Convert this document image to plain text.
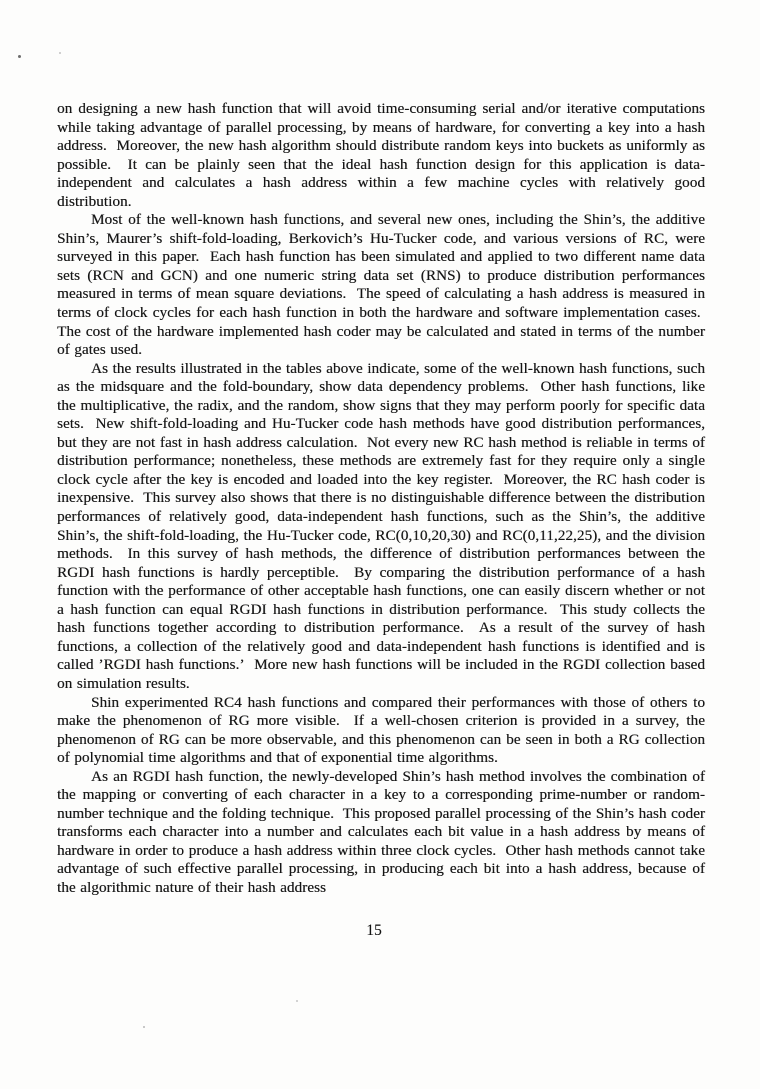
on designing a new hash function that will avoid time-consuming serial and/or iterative computations while taking advantage of parallel processing, by means of hardware, for converting a key into a hash address.  Moreover, the new hash algorithm should distribute random keys into buckets as uniformly as possible.  It can be plainly seen that the ideal hash function design for this application is data-independent and calculates a hash address within a few machine cycles with relatively good distribution.

Most of the well-known hash functions, and several new ones, including the Shin’s, the additive Shin’s, Maurer’s shift-fold-loading, Berkovich’s Hu-Tucker code, and various versions of RC, were surveyed in this paper.  Each hash function has been simulated and applied to two different name data sets (RCN and GCN) and one numeric string data set (RNS) to produce distribution performances measured in terms of mean square deviations.  The speed of calculating a hash address is measured in terms of clock cycles for each hash function in both the hardware and software implementation cases.  The cost of the hardware implemented hash coder may be calculated and stated in terms of the number of gates used.

As the results illustrated in the tables above indicate, some of the well-known hash functions, such as the midsquare and the fold-boundary, show data dependency problems.  Other hash functions, like the multiplicative, the radix, and the random, show signs that they may perform poorly for specific data sets.  New shift-fold-loading and Hu-Tucker code hash methods have good distribution performances, but they are not fast in hash address calculation.  Not every new RC hash method is reliable in terms of distribution performance; nonetheless, these methods are extremely fast for they require only a single clock cycle after the key is encoded and loaded into the key register.  Moreover, the RC hash coder is inexpensive.  This survey also shows that there is no distinguishable difference between the distribution performances of relatively good, data-independent hash functions, such as the Shin’s, the additive Shin’s, the shift-fold-loading, the Hu-Tucker code, RC(0,10,20,30) and RC(0,11,22,25), and the division methods.  In this survey of hash methods, the difference of distribution performances between the RGDI hash functions is hardly perceptible.  By comparing the distribution performance of a hash function with the performance of other acceptable hash functions, one can easily discern whether or not a hash function can equal RGDI hash functions in distribution performance.  This study collects the hash functions together according to distribution performance.  As a result of the survey of hash functions, a collection of the relatively good and data-independent hash functions is identified and is called ’RGDI hash functions.’  More new hash functions will be included in the RGDI collection based on simulation results.

Shin experimented RC4 hash functions and compared their performances with those of others to make the phenomenon of RG more visible.  If a well-chosen criterion is provided in a survey, the phenomenon of RG can be more observable, and this phenomenon can be seen in both a RG collection of polynomial time algorithms and that of exponential time algorithms.

As an RGDI hash function, the newly-developed Shin’s hash method involves the combination of the mapping or converting of each character in a key to a corresponding prime-number or random-number technique and the folding technique.  This proposed parallel processing of the Shin’s hash coder transforms each character into a number and calculates each bit value in a hash address by means of hardware in order to produce a hash address within three clock cycles.  Other hash methods cannot take advantage of such effective parallel processing, in producing each bit into a hash address, because of the algorithmic nature of their hash address

15
